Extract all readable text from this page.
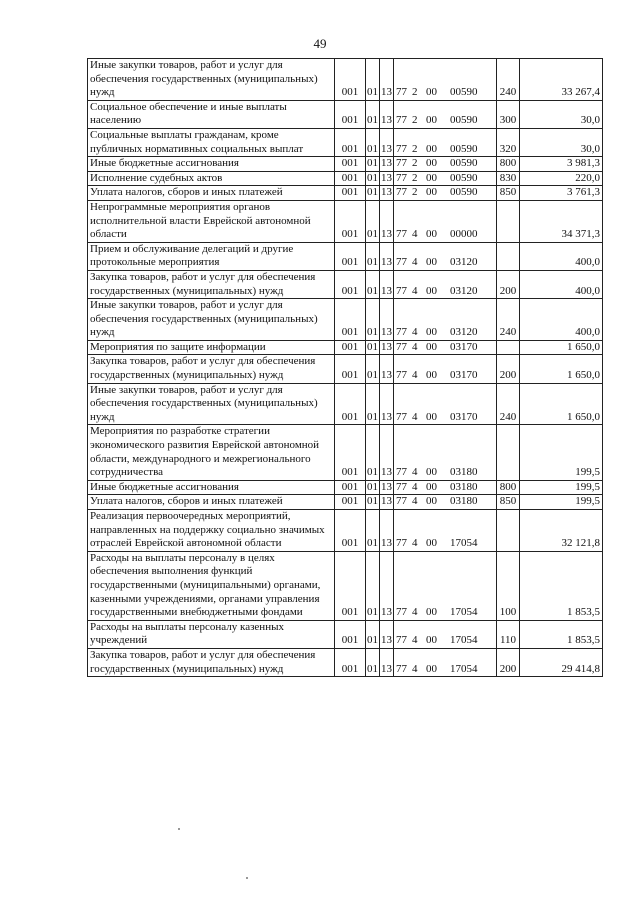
49
Иные закупки товаров, работ и услуг для обеспечения государственных (муниципальных) нужд	001	01	13	77 2 00 00590	240	33 267,4
Социальное обеспечение и иные выплаты населению	001	01	13	77 2 00 00590	300	30,0
Социальные выплаты гражданам, кроме публичных нормативных социальных выплат	001	01	13	77 2 00 00590	320	30,0
Иные бюджетные ассигнования	001	01	13	77 2 00 00590	800	3 981,3
Исполнение судебных актов	001	01	13	77 2 00 00590	830	220,0
Уплата налогов, сборов и иных платежей	001	01	13	77 2 00 00590	850	3 761,3
Непрограммные мероприятия органов исполнительной власти Еврейской автономной области	001	01	13	77 4 00 00000		34 371,3
Прием и обслуживание делегаций и другие протокольные мероприятия	001	01	13	77 4 00 03120		400,0
Закупка товаров, работ и услуг для обеспечения государственных (муниципальных) нужд	001	01	13	77 4 00 03120	200	400,0
Иные закупки товаров, работ и услуг для обеспечения государственных (муниципальных) нужд	001	01	13	77 4 00 03120	240	400,0
Мероприятия по защите информации	001	01	13	77 4 00 03170		1 650,0
Закупка товаров, работ и услуг для обеспечения государственных (муниципальных) нужд	001	01	13	77 4 00 03170	200	1 650,0
Иные закупки товаров, работ и услуг для обеспечения государственных (муниципальных) нужд	001	01	13	77 4 00 03170	240	1 650,0
Мероприятия по разработке стратегии экономического развития Еврейской автономной области, международного и межрегионального сотрудничества	001	01	13	77 4 00 03180		199,5
Иные бюджетные ассигнования	001	01	13	77 4 00 03180	800	199,5
Уплата налогов, сборов и иных платежей	001	01	13	77 4 00 03180	850	199,5
Реализация первоочередных мероприятий, направленных на поддержку социально значимых отраслей Еврейской автономной области	001	01	13	77 4 00 17054		32 121,8
Расходы на выплаты персоналу в целях обеспечения выполнения функций государственными (муниципальными) органами, казенными учреждениями, органами управления государственными внебюджетными фондами	001	01	13	77 4 00 17054	100	1 853,5
Расходы на выплаты персоналу казенных учреждений	001	01	13	77 4 00 17054	110	1 853,5
Закупка товаров, работ и услуг для обеспечения государственных (муниципальных) нужд	001	01	13	77 4 00 17054	200	29 414,8
